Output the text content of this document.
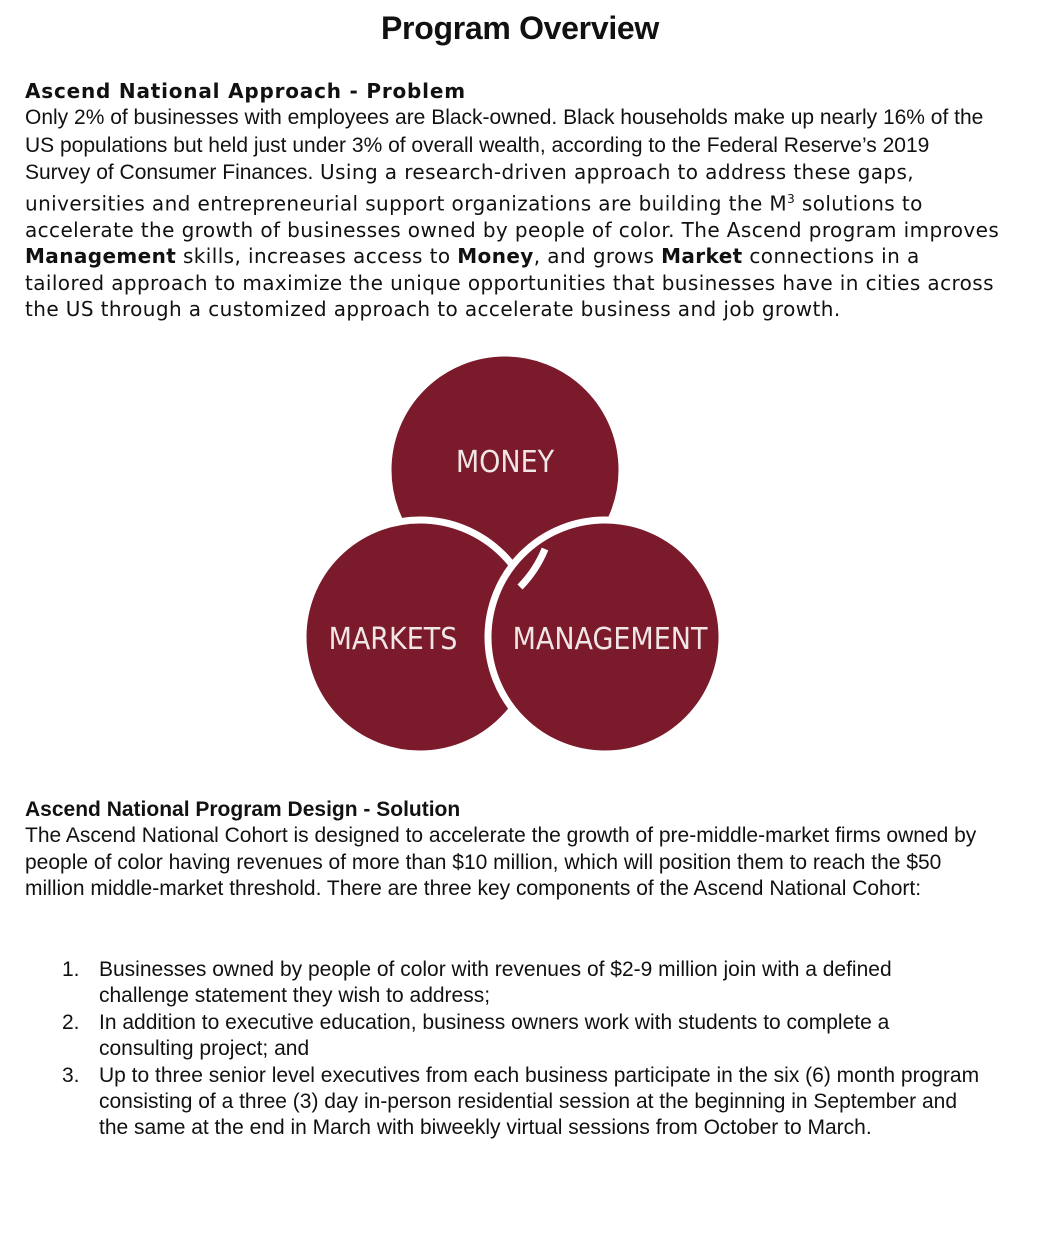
Program Overview
Ascend National Approach - Problem
Only 2% of businesses with employees are Black-owned. Black households make up nearly 16% of the US populations but held just under 3% of overall wealth, according to the Federal Reserve’s 2019 Survey of Consumer Finances. Using a research-driven approach to address these gaps, universities and entrepreneurial support organizations are building the $M^3$ solutions to accelerate the growth of businesses owned by people of color. The Ascend program improves Management skills, increases access to Money, and grows Market connections in a tailored approach to maximize the unique opportunities that businesses have in cities across the US through a customized approach to accelerate business and job growth.
MONEY
MARKETS MANAGEMENT
Ascend National Program Design - Solution
The Ascend National Cohort is designed to accelerate the growth of pre-middle-market firms owned by people of color having revenues of more than $10 million, which will position them to reach the $50 million middle-market threshold. There are three key components of the Ascend National Cohort:
1. Businesses owned by people of color with revenues of $2-9 million join with a defined challenge statement they wish to address;
2. In addition to executive education, business owners work with students to complete a consulting project; and
3. Up to three senior level executives from each business participate in the six (6) month program consisting of a three (3) day in-person residential session at the beginning in September and the same at the end in March with biweekly virtual sessions from October to March.
